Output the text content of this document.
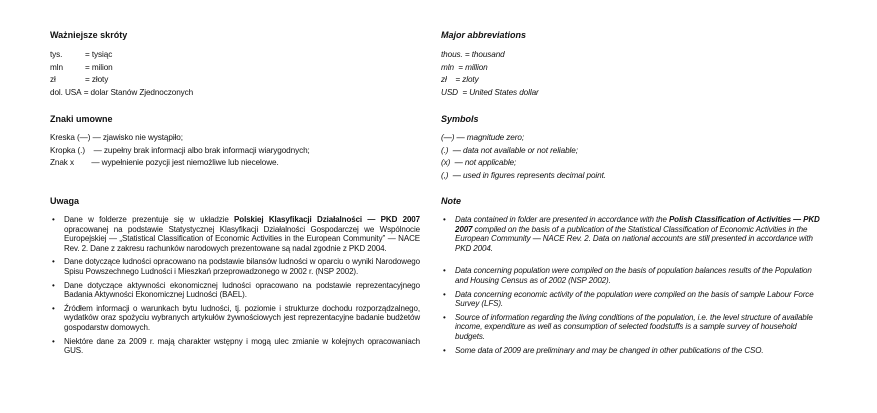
Ważniejsze skróty
tys.	= tysiąc
mln	= milion
zł	= złoty
dol. USA = dolar Stanów Zjednoczonych
Znaki umowne
Kreska (—) — zjawisko nie wystąpiło;
Kropka (.)    — zupełny brak informacji albo brak informacji wiarygodnych;
Znak x        — wypełnienie pozycji jest niemożliwe lub niecelowe.
Uwaga
• Dane w folderze prezentuje się w układzie Polskiej Klasyfikacji Działalności — PKD 2007 opracowanej na podstawie Statystycznej Klasyfikacji Działalności Gospodarczej we Wspólnocie Europejskiej — „Statistical Classification of Economic Activities in the European Community” — NACE Rev. 2. Dane z zakresu rachunków narodowych prezentowane są nadal zgodnie z PKD 2004.
• Dane dotyczące ludności opracowano na podstawie bilansów ludności w oparciu o wyniki Narodowego Spisu Powszechnego Ludności i Mieszkań przeprowadzonego w 2002 r. (NSP 2002).
• Dane dotyczące aktywności ekonomicznej ludności opracowano na podstawie reprezentacyjnego Badania Aktywności Ekonomicznej Ludności (BAEL).
• Źródłem informacji o warunkach bytu ludności, tj. poziomie i strukturze dochodu rozporządzalnego, wydatków oraz spożyciu wybranych artykułów żywnościowych jest reprezentacyjne badanie budżetów gospodarstw domowych.
• Niektóre dane za 2009 r. mają charakter wstępny i mogą ulec zmianie w kolejnych opracowaniach GUS.
Major abbreviations
thous. = thousand
mln  = million
zł    = zloty
USD  = United States dollar
Symbols
(—) — magnitude zero;
(.)  — data not available or not reliable;
(x)  — not applicable;
(,)  — used in figures represents decimal point.
Note
• Data contained in folder are presented in accordance with the Polish Classification of Activities — PKD 2007 compiled on the basis of a publication of the Statistical Classification of Economic Activities in the European Community — NACE Rev. 2. Data on national accounts are still presented in accordance with PKD 2004.
• Data concerning population were compiled on the basis of population balances results of the Population and Housing Census as of 2002 (NSP 2002).
• Data concerning economic activity of the population were compiled on the basis of sample Labour Force Survey (LFS).
• Source of information regarding the living conditions of the population, i.e. the level structure of available income, expenditure as well as consumption of selected foodstuffs is a sample survey of household budgets.
• Some data of 2009 are preliminary and may be changed in other publications of the CSO.
